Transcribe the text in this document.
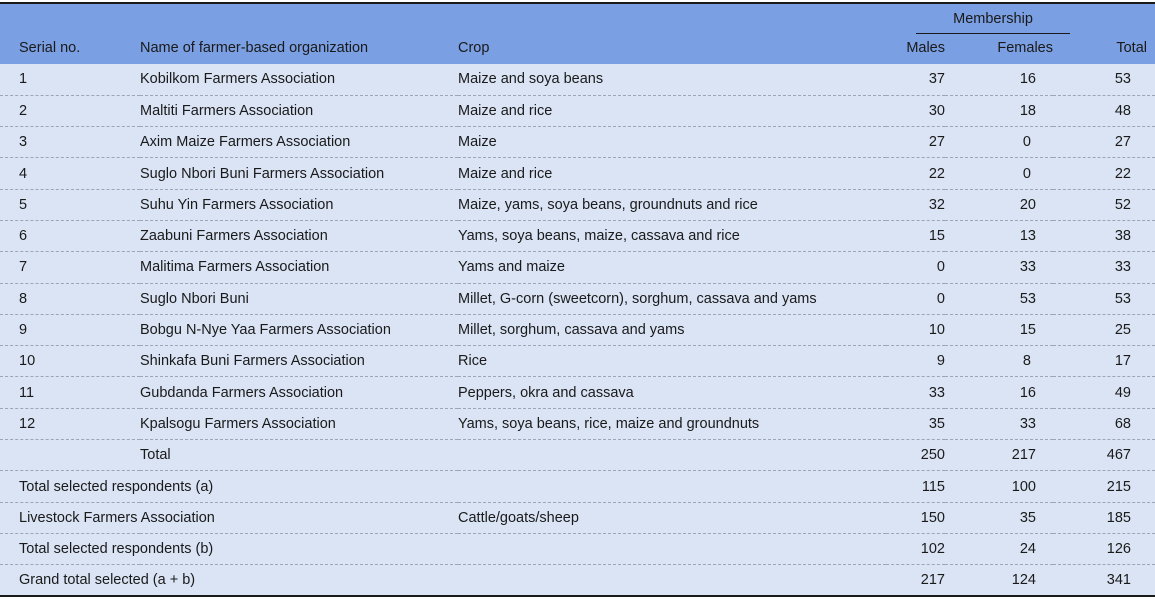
			Membership		
Serial no.	Name of farmer-based organization	Crop	Males	Females	Total
1	Kobilkom Farmers Association	Maize and soya beans	37	16	53
2	Maltiti Farmers Association	Maize and rice	30	18	48
3	Axim Maize Farmers Association	Maize	27	0	27
4	Suglo Nbori Buni Farmers Association	Maize and rice	22	0	22
5	Suhu Yin Farmers Association	Maize, yams, soya beans, groundnuts and rice	32	20	52
6	Zaabuni Farmers Association	Yams, soya beans, maize, cassava and rice	15	13	38
7	Malitima Farmers Association	Yams and maize	0	33	33
8	Suglo Nbori Buni	Millet, G-corn (sweetcorn), sorghum, cassava and yams	0	53	53
9	Bobgu N-Nye Yaa Farmers Association	Millet, sorghum, cassava and yams	10	15	25
10	Shinkafa Buni Farmers Association	Rice	9	8	17
11	Gubdanda Farmers Association	Peppers, okra and cassava	33	16	49
12	Kpalsogu Farmers Association	Yams, soya beans, rice, maize and groundnuts	35	33	68
	Total		250	217	467
Total selected respondents (a)			115	100	215
Livestock Farmers Association		Cattle/goats/sheep	150	35	185
Total selected respondents (b)			102	24	126
Grand total selected (a + b)			217	124	341
